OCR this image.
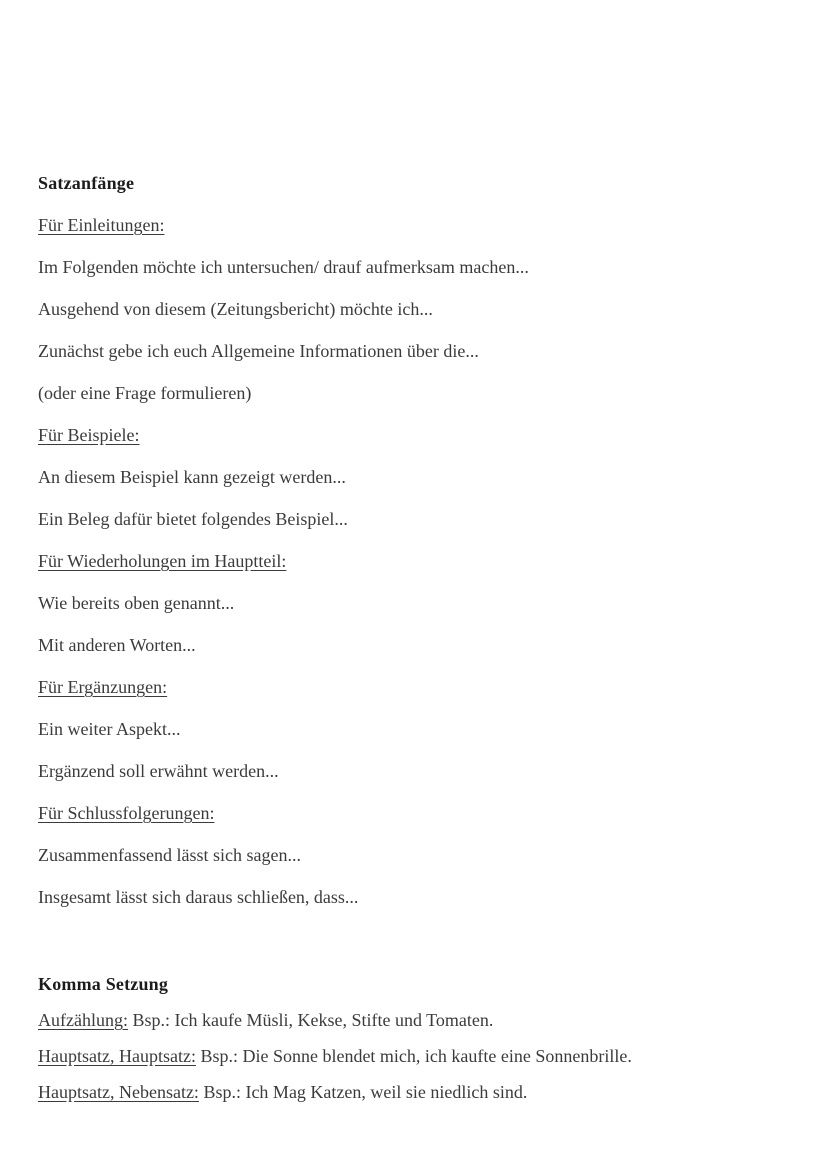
Satzanfänge

Für Einleitungen:

Im Folgenden möchte ich untersuchen/ drauf aufmerksam machen...

Ausgehend von diesem (Zeitungsbericht) möchte ich...

Zunächst gebe ich euch Allgemeine Informationen über die...

(oder eine Frage formulieren)

Für Beispiele:

An diesem Beispiel kann gezeigt werden...

Ein Beleg dafür bietet folgendes Beispiel...

Für Wiederholungen im Hauptteil:

Wie bereits oben genannt...

Mit anderen Worten...

Für Ergänzungen:

Ein weiter Aspekt...

Ergänzend soll erwähnt werden...

Für Schlussfolgerungen:

Zusammenfassend lässt sich sagen...

Insgesamt lässt sich daraus schließen, dass...

Komma Setzung

Aufzählung: Bsp.: Ich kaufe Müsli, Kekse, Stifte und Tomaten.

Hauptsatz, Hauptsatz: Bsp.: Die Sonne blendet mich, ich kaufte eine Sonnenbrille.

Hauptsatz, Nebensatz: Bsp.: Ich Mag Katzen, weil sie niedlich sind.
